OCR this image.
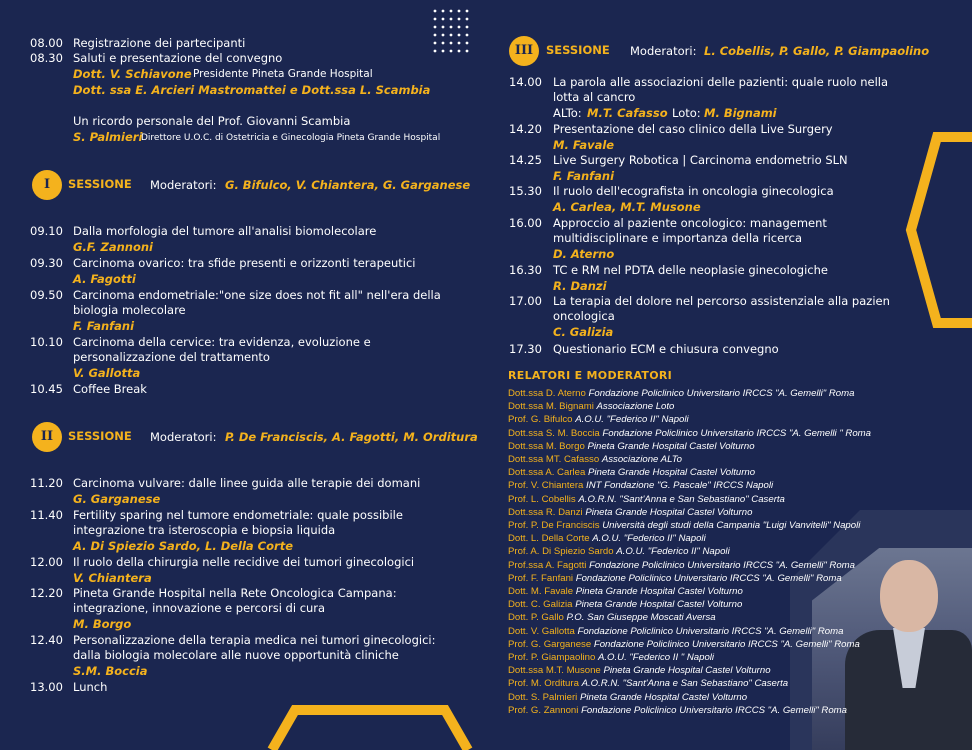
08.00 Registrazione dei partecipanti
08.30 Saluti e presentazione del convegno
Dott. V. Schiavone Presidente Pineta Grande Hospital
Dott. ssa E. Arcieri Mastromattei e Dott.ssa L. Scambia
Un ricordo personale del Prof. Giovanni Scambia
S. Palmieri
Direttore U.O.C. di Ostetricia e Ginecologia Pineta Grande Hospital
I	SESSIONE Moderatori: G. Bifulco, V. Chiantera, G. Garganese
09.10 Dalla morfologia del tumore all'analisi biomolecolare
G.F. Zannoni
09.30 Carcinoma ovarico: tra sfide presenti e orizzonti terapeutici
A. Fagotti
09.50 Carcinoma endometriale:"one size does not fit all" nell'era della
biologia molecolare
F. Fanfani
10.10 Carcinoma della cervice: tra evidenza, evoluzione e
personalizzazione del trattamento
V. Gallotta
10.45 Coffee Break
II	SESSIONE Moderatori: P. De Franciscis, A. Fagotti, M. Orditura
11.20 Carcinoma vulvare: dalle linee guida alle terapie dei domani
G. Garganese
11.40 Fertility sparing nel tumore endometriale: quale possibile
integrazione tra isteroscopia e biopsia liquida
A. Di Spiezio Sardo, L. Della Corte
12.00 Il ruolo della chirurgia nelle recidive dei tumori ginecologici
V. Chiantera
12.20 Pineta Grande Hospital nella Rete Oncologica Campana:
integrazione, innovazione e percorsi di cura
M. Borgo
12.40 Personalizzazione della terapia medica nei tumori ginecologici:
dalla biologia molecolare alle nuove opportunità cliniche
S.M. Boccia
13.00 Lunch
III	SESSIONE Moderatori: L. Cobellis, P. Gallo, P. Giampaolino
14.00 La parola alle associazioni delle pazienti: quale ruolo nella
lotta al cancro
ALTo: M.T. Cafasso Loto: M. Bignami
14.20 Presentazione del caso clinico della Live Surgery
M. Favale
14.25 Live Surgery Robotica | Carcinoma endometrio SLN
F. Fanfani
15.30 Il ruolo dell'ecografista in oncologia ginecologica
A. Carlea, M.T. Musone
16.00 Approccio al paziente oncologico: management
multidisciplinare e importanza della ricerca
D. Aterno
16.30 TC e RM nel PDTA delle neoplasie ginecologiche
R. Danzi
17.00 La terapia del dolore nel percorso assistenziale alla pazien
oncologica
C. Galizia
17.30 Questionario ECM e chiusura convegno
RELATORI E MODERATORI
Dott.ssa D. Aterno Fondazione Policlinico Universitario IRCCS "A. Gemelli" Roma
Dott.ssa M. Bignami Associazione Loto
Prof. G. Bifulco A.O.U. "Federico II" Napoli
Dott.ssa S. M. Boccia Fondazione Policlinico Universitario IRCCS "A. Gemelli " Roma
Dott.ssa M. Borgo Pineta Grande Hospital Castel Volturno
Dott.ssa MT. Cafasso Associazione ALTo
Dott.ssa A. Carlea Pineta Grande Hospital Castel Volturno
Prof. V. Chiantera INT Fondazione "G. Pascale" IRCCS Napoli
Prof. L. Cobellis A.O.R.N. "Sant'Anna e San Sebastiano" Caserta
Dott.ssa R. Danzi Pineta Grande Hospital Castel Volturno
Prof. P. De Franciscis Università degli studi della Campania "Luigi Vanvitelli" Napoli
Dott. L. Della Corte A.O.U. "Federico II" Napoli
Prof. A. Di Spiezio Sardo A.O.U. "Federico II" Napoli
Prof.ssa A. Fagotti Fondazione Policlinico Universitario IRCCS "A. Gemelli" Roma
Prof. F. Fanfani Fondazione Policlinico Universitario IRCCS "A. Gemelli" Roma
Dott. M. Favale Pineta Grande Hospital Castel Volturno
Dott. C. Galizia Pineta Grande Hospital Castel Volturno
Dott. P. Gallo P.O. San Giuseppe Moscati Aversa
Dott. V. Gallotta Fondazione Policlinico Universitario IRCCS "A. Gemelli" Roma
Prof. G. Garganese Fondazione Policlinico Universitario IRCCS "A. Gemelli" Roma
Prof. P. Giampaolino A.O.U. "Federico II " Napoli
Dott.ssa M.T. Musone Pineta Grande Hospital Castel Volturno
Prof. M. Orditura A.O.R.N. "Sant'Anna e San Sebastiano" Caserta
Dott. S. Palmieri Pineta Grande Hospital Castel Volturno
Prof. G. Zannoni Fondazione Policlinico Universitario IRCCS "A. Gemelli" Roma
